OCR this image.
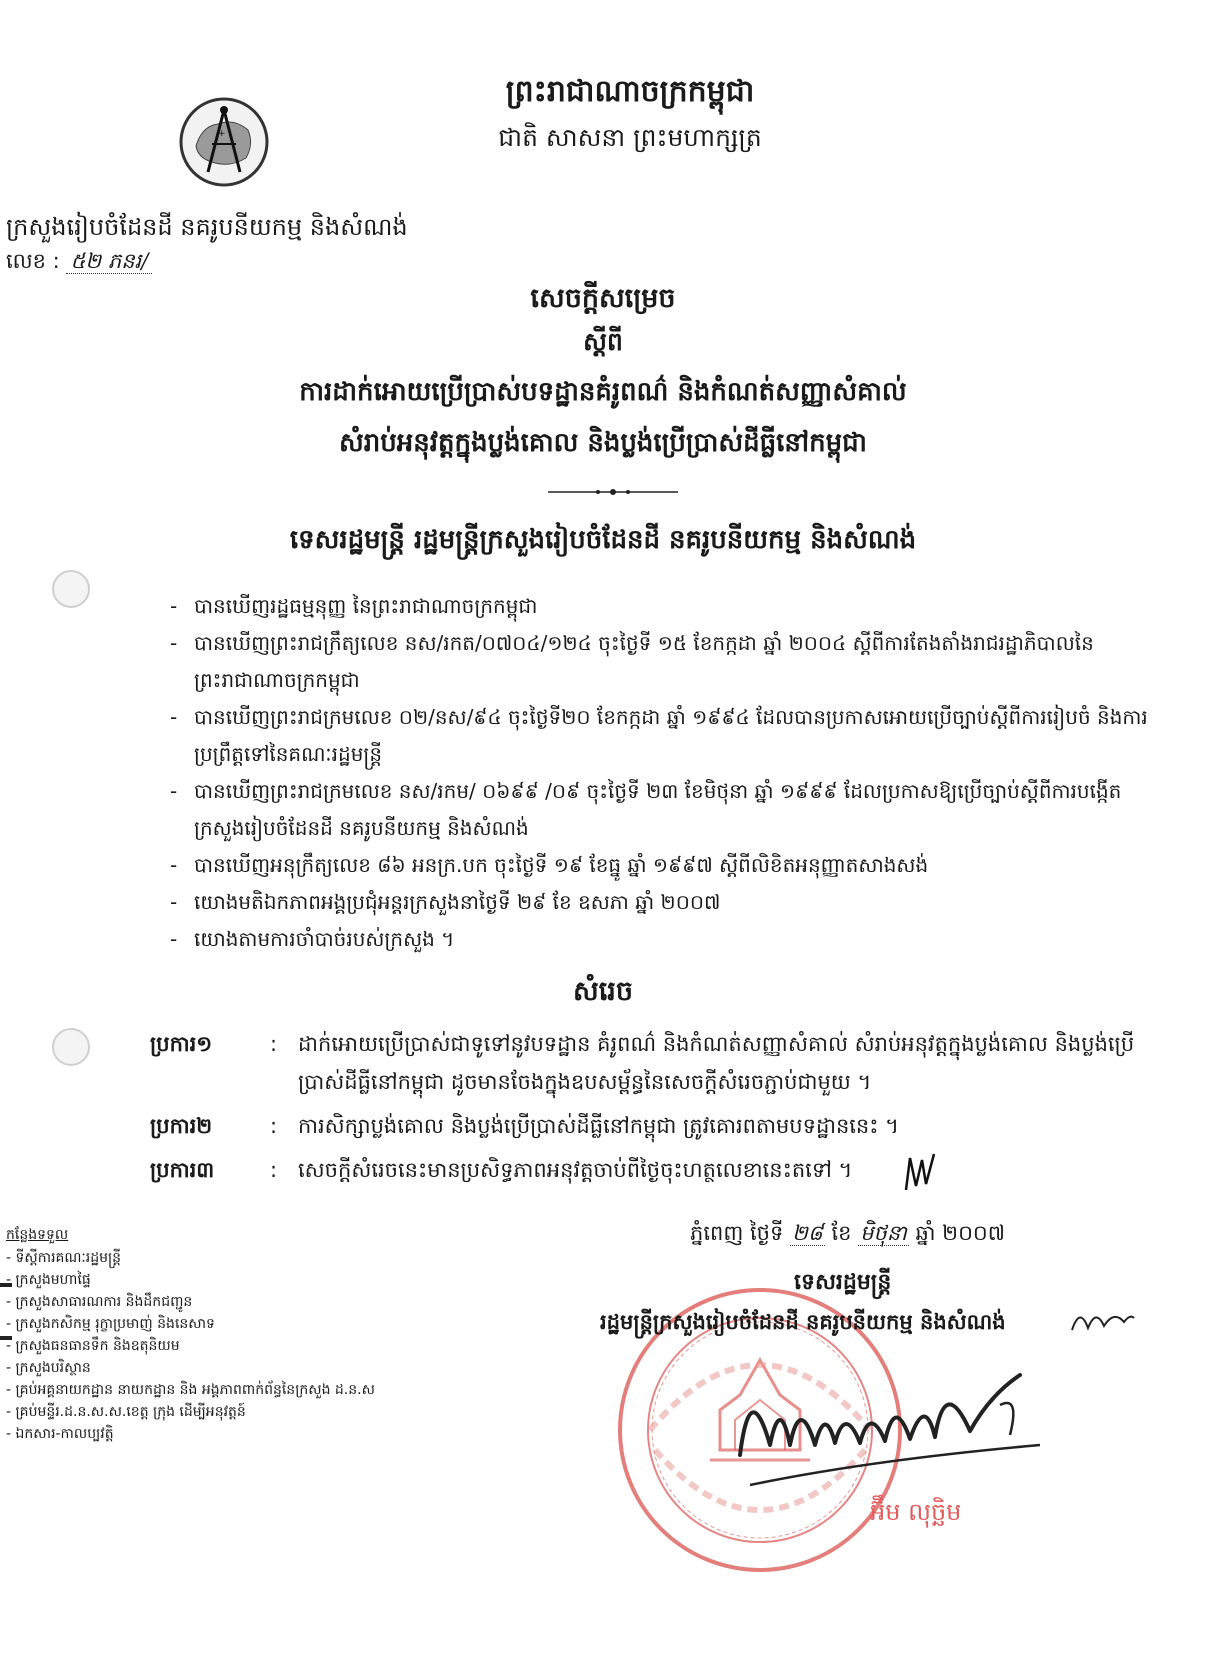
+
ព្រះរាជាណាចក្រកម្ពុជា
ជាតិ សាសនា ព្រះមហាក្សត្រ
ក្រសួងរៀបចំដែនដី នគរូបនីយកម្ម និងសំណង់
លេខ : ៥២ ភនរ/
សេចក្តីសម្រេច
ស្តីពី
ការដាក់អោយប្រើប្រាស់បទដ្ឋានគំរូពណ៌ និងកំណត់សញ្ញាសំគាល់
សំរាប់អនុវត្តក្នុងប្លង់គោល និងប្លង់ប្រើប្រាស់ដីធ្លីនៅកម្ពុជា
ទេសរដ្ឋមន្ត្រី រដ្ឋមន្ត្រីក្រសួងរៀបចំដែនដី នគរូបនីយកម្ម និងសំណង់
- បានឃើញរដ្ឋធម្មនុញ្ញ នៃព្រះរាជាណាចក្រកម្ពុជា
- បានឃើញព្រះរាជក្រឹត្យលេខ នស/រកត/០៧០៤/១២៤ ចុះថ្ងៃទី ១៥ ខែកក្កដា ឆ្នាំ ២០០៤ ស្តីពីការតែងតាំងរាជរដ្ឋាភិបាលនៃព្រះរាជាណាចក្រកម្ពុជា
- បានឃើញព្រះរាជក្រមលេខ ០២/នស/៩៤ ចុះថ្ងៃទី២០ ខែកក្កដា ឆ្នាំ ១៩៩៤ ដែលបានប្រកាសអោយប្រើច្បាប់ស្តីពីការរៀបចំ និងការប្រព្រឹត្តទៅនៃគណៈរដ្ឋមន្ត្រី
- បានឃើញព្រះរាជក្រមលេខ នស/រកម/ ០៦៩៩ /០៩ ចុះថ្ងៃទី ២៣ ខែមិថុនា ឆ្នាំ ១៩៩៩ ដែលប្រកាសឱ្យប្រើច្បាប់ស្តីពីការបង្កើតក្រសួងរៀបចំដែនដី នគរូបនីយកម្ម និងសំណង់
- បានឃើញអនុក្រឹត្យលេខ ៨៦ អនក្រ.បក ចុះថ្ងៃទី ១៩ ខែធ្នូ ឆ្នាំ ១៩៩៧ ស្តីពីលិខិតអនុញ្ញាតសាងសង់
- យោងមតិឯកភាពអង្គប្រជុំអន្តរក្រសួងនាថ្ងៃទី ២៩ ខែ ឧសភា ឆ្នាំ ២០០៧
- យោងតាមការចាំបាច់របស់ក្រសួង ។
សំរេច
ប្រការ១	: ដាក់អោយប្រើប្រាស់ជាទូទៅនូវបទដ្ឋាន គំរូពណ៌ និងកំណត់សញ្ញាសំគាល់ សំរាប់អនុវត្តក្នុងប្លង់គោល និងប្លង់ប្រើប្រាស់ដីធ្លីនៅកម្ពុជា ដូចមានចែងក្នុងឧបសម្ព័ន្ធនៃសេចក្តីសំរេចភ្ជាប់ជាមួយ ។
ប្រការ២	: ការសិក្សាប្លង់គោល និងប្លង់ប្រើប្រាស់ដីធ្លីនៅកម្ពុជា ត្រូវគោរពតាមបទដ្ឋាននេះ ។
ប្រការ៣	: សេចក្តីសំរេចនេះមានប្រសិទ្ធភាពអនុវត្តចាប់ពីថ្ងៃចុះហត្ថលេខានេះតទៅ ។
កន្លែងទទួល
- ទីស្តីការគណៈរដ្ឋមន្ត្រី
- ក្រសួងមហាផ្ទៃ
- ក្រសួងសាធារណការ និងដឹកជញ្ជូន
- ក្រសួងកសិកម្ម រុក្ខាប្រមាញ់ និងនេសាទ
- ក្រសួងធនធានទឹក និងឧតុនិយម
- ក្រសួងបរិស្ថាន
- គ្រប់អគ្គនាយកដ្ឋាន នាយកដ្ឋាន និង អង្គភាពពាក់ព័ន្ធនៃក្រសួង ដ.ន.ស
- គ្រប់មន្ទីរ.ដ.ន.ស.ស.ខេត្ត ក្រុង ដើម្បីអនុវត្តន៍
- ឯកសារ-កាលប្បវត្តិ
ភ្នំពេញ ថ្ងៃទី ២៨ ខែ មិថុនា ឆ្នាំ ២០០៧
ទេសរដ្ឋមន្ត្រី
រដ្ឋមន្ត្រីក្រសួងរៀបចំដែនដី នគរូបនីយកម្ម និងសំណង់
អ៊ឹម លុច្ឆិម
